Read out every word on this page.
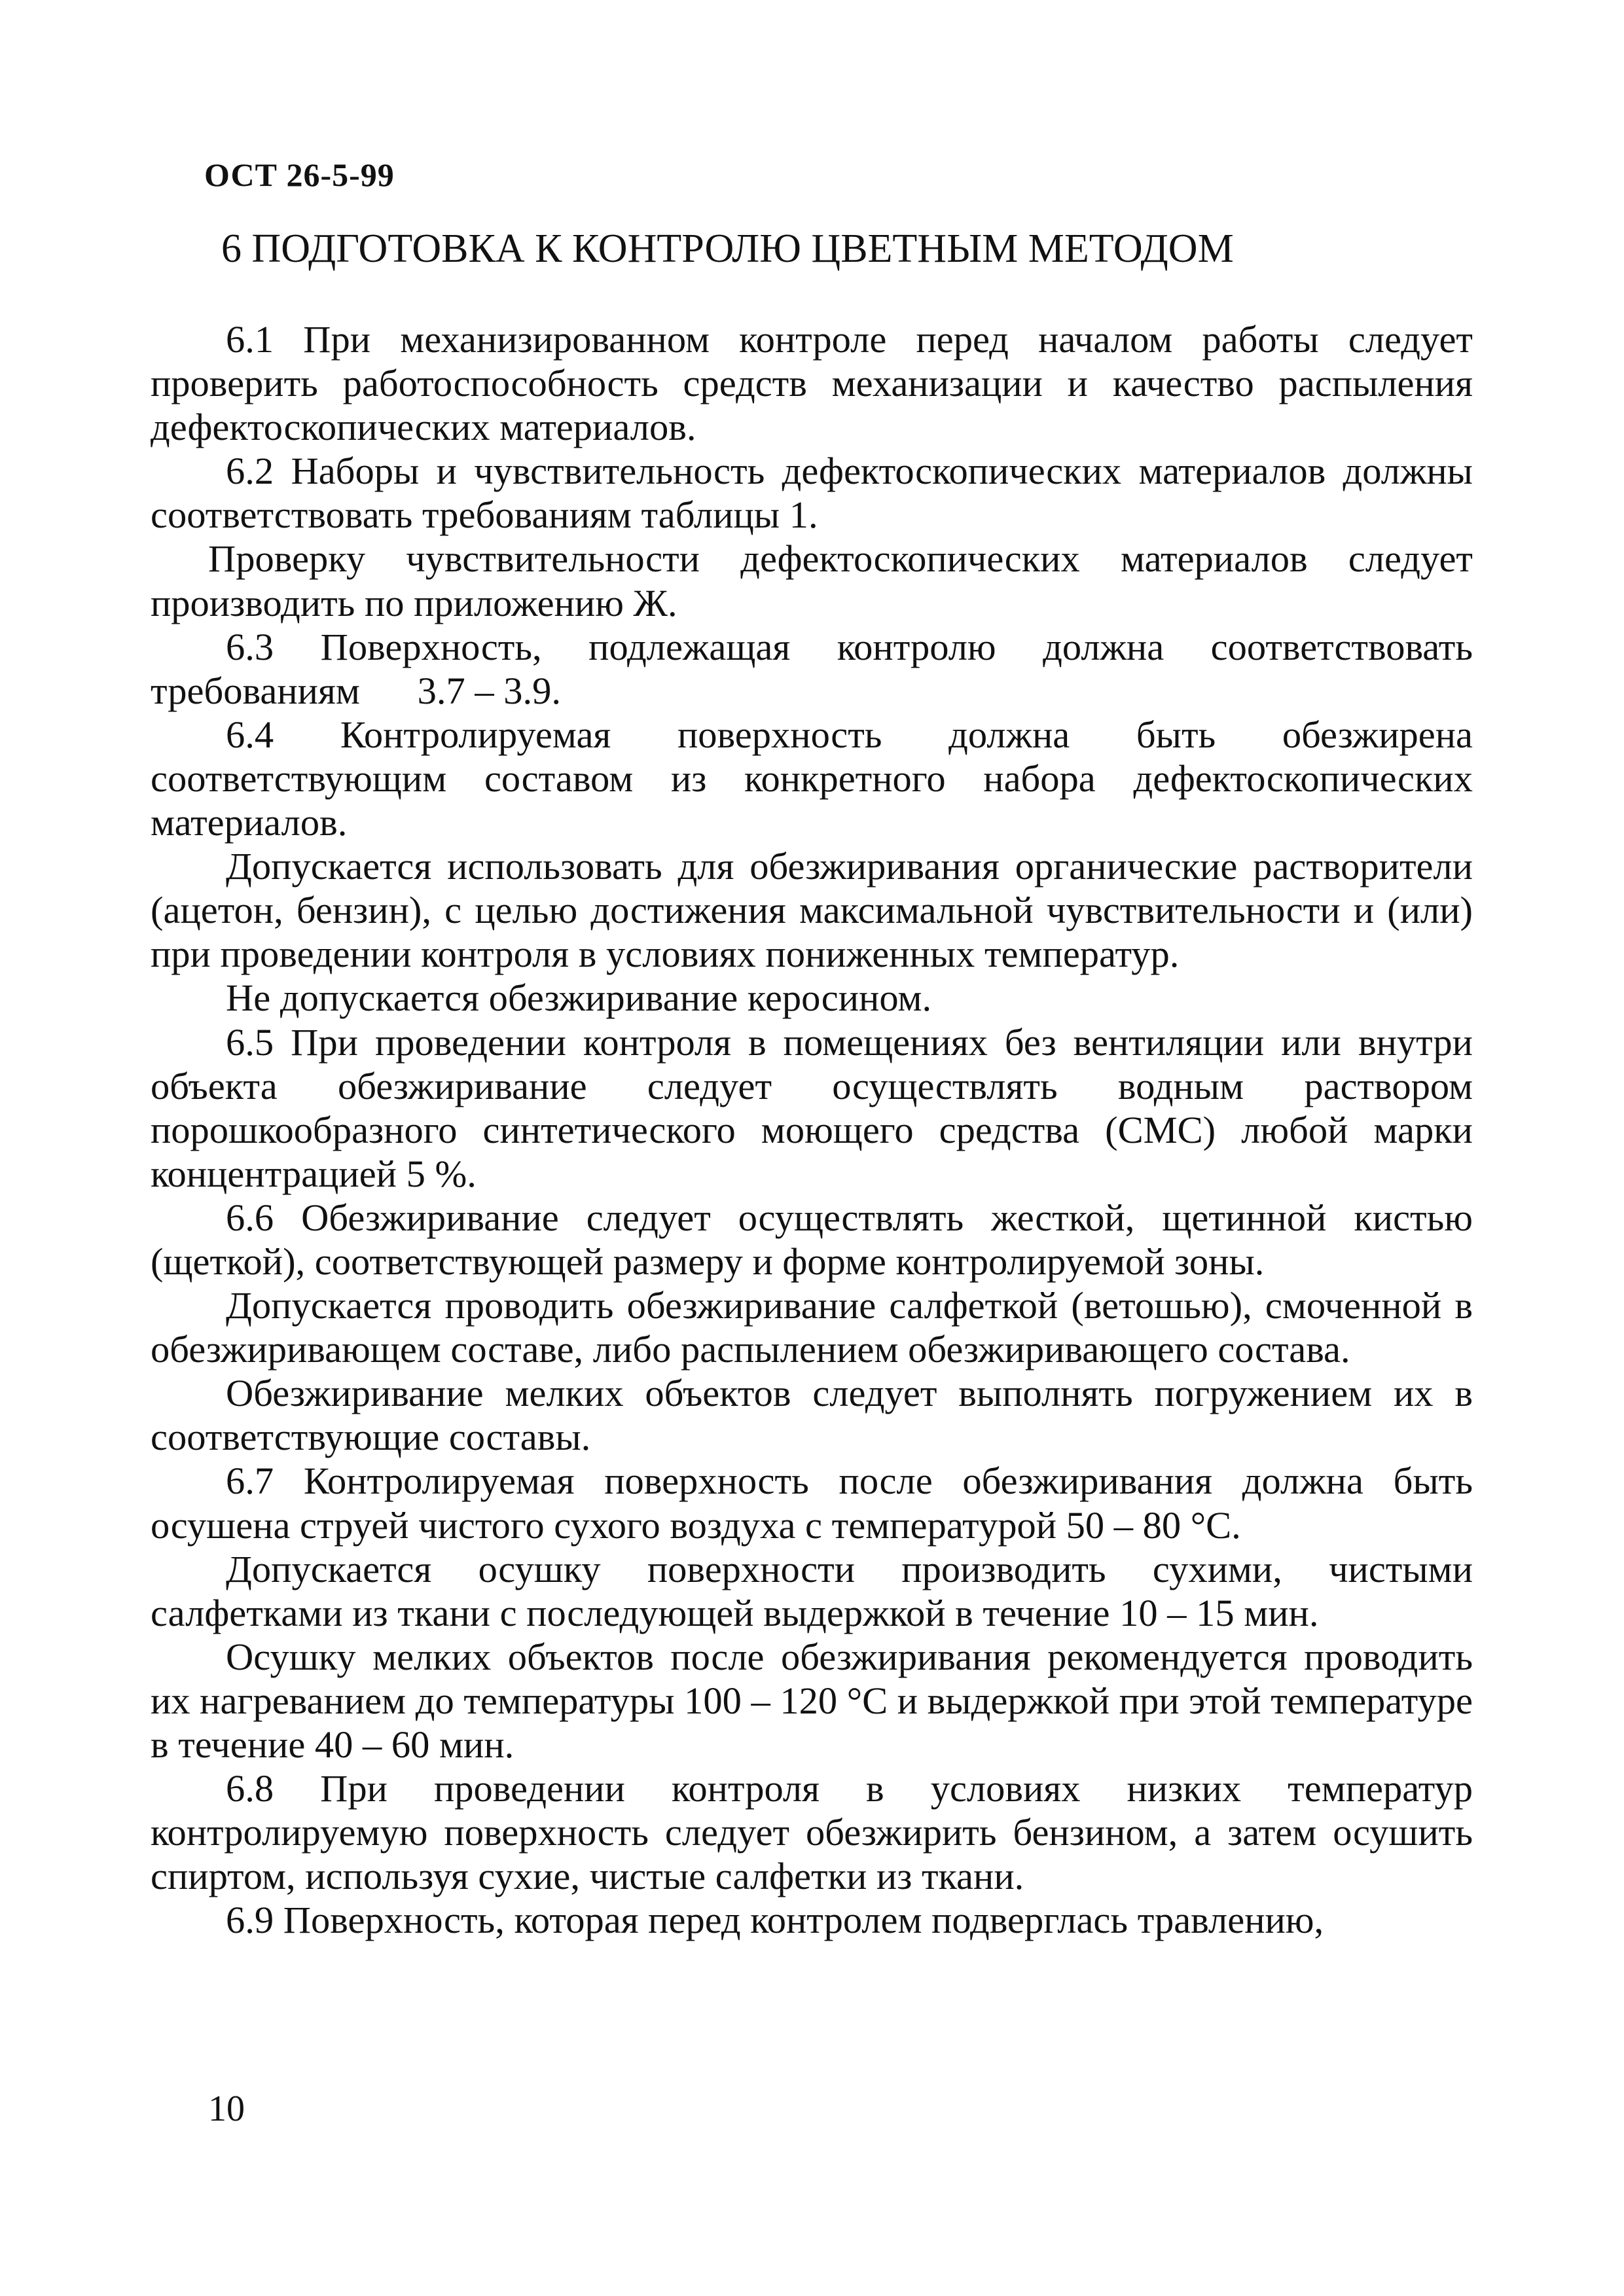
ОСТ 26-5-99
6 ПОДГОТОВКА К КОНТРОЛЮ ЦВЕТНЫМ МЕТОДОМ

6.1 При механизированном контроле перед началом работы следует проверить работоспособность средств механизации и качество распыления дефектоскопических материалов.

6.2 Наборы и чувствительность дефектоскопических материалов должны соответствовать требованиям таблицы 1.

Проверку чувствительности дефектоскопических материалов следует производить по приложению Ж.

6.3 Поверхность, подлежащая контролю должна соответствовать требованиям      3.7 – 3.9.

6.4 Контролируемая поверхность должна быть обезжирена соответствующим составом из конкретного набора дефектоскопических материалов.

Допускается использовать для обезжиривания органические растворители (ацетон, бензин), с целью достижения максимальной чувствительности и (или) при проведении контроля в условиях пониженных температур.

Не допускается обезжиривание керосином.

6.5 При проведении контроля в помещениях без вентиляции или внутри объекта обезжиривание следует осуществлять водным раствором порошкообразного синтетического моющего средства (СМС) любой марки концентрацией 5 %.

6.6 Обезжиривание следует осуществлять жесткой, щетинной кистью (щеткой), соответствующей размеру и форме контролируемой зоны.

Допускается проводить обезжиривание салфеткой (ветошью), смоченной в обезжиривающем составе, либо распылением обезжиривающего состава.

Обезжиривание мелких объектов следует выполнять погружением их в соответствующие составы.

6.7 Контролируемая поверхность после обезжиривания должна быть осушена струей чистого сухого воздуха с температурой 50 – 80 °С.

Допускается осушку поверхности производить сухими, чистыми салфетками из ткани с последующей выдержкой в течение 10 – 15 мин.

Осушку мелких объектов после обезжиривания рекомендуется проводить их нагреванием до температуры 100 – 120 °С и выдержкой при этой температуре в течение 40 – 60 мин.

6.8 При проведении контроля в условиях низких температур контролируемую поверхность следует обезжирить бензином, а затем осушить спиртом, используя сухие, чистые салфетки из ткани.

6.9 Поверхность, которая перед контролем подверглась травлению,

10
